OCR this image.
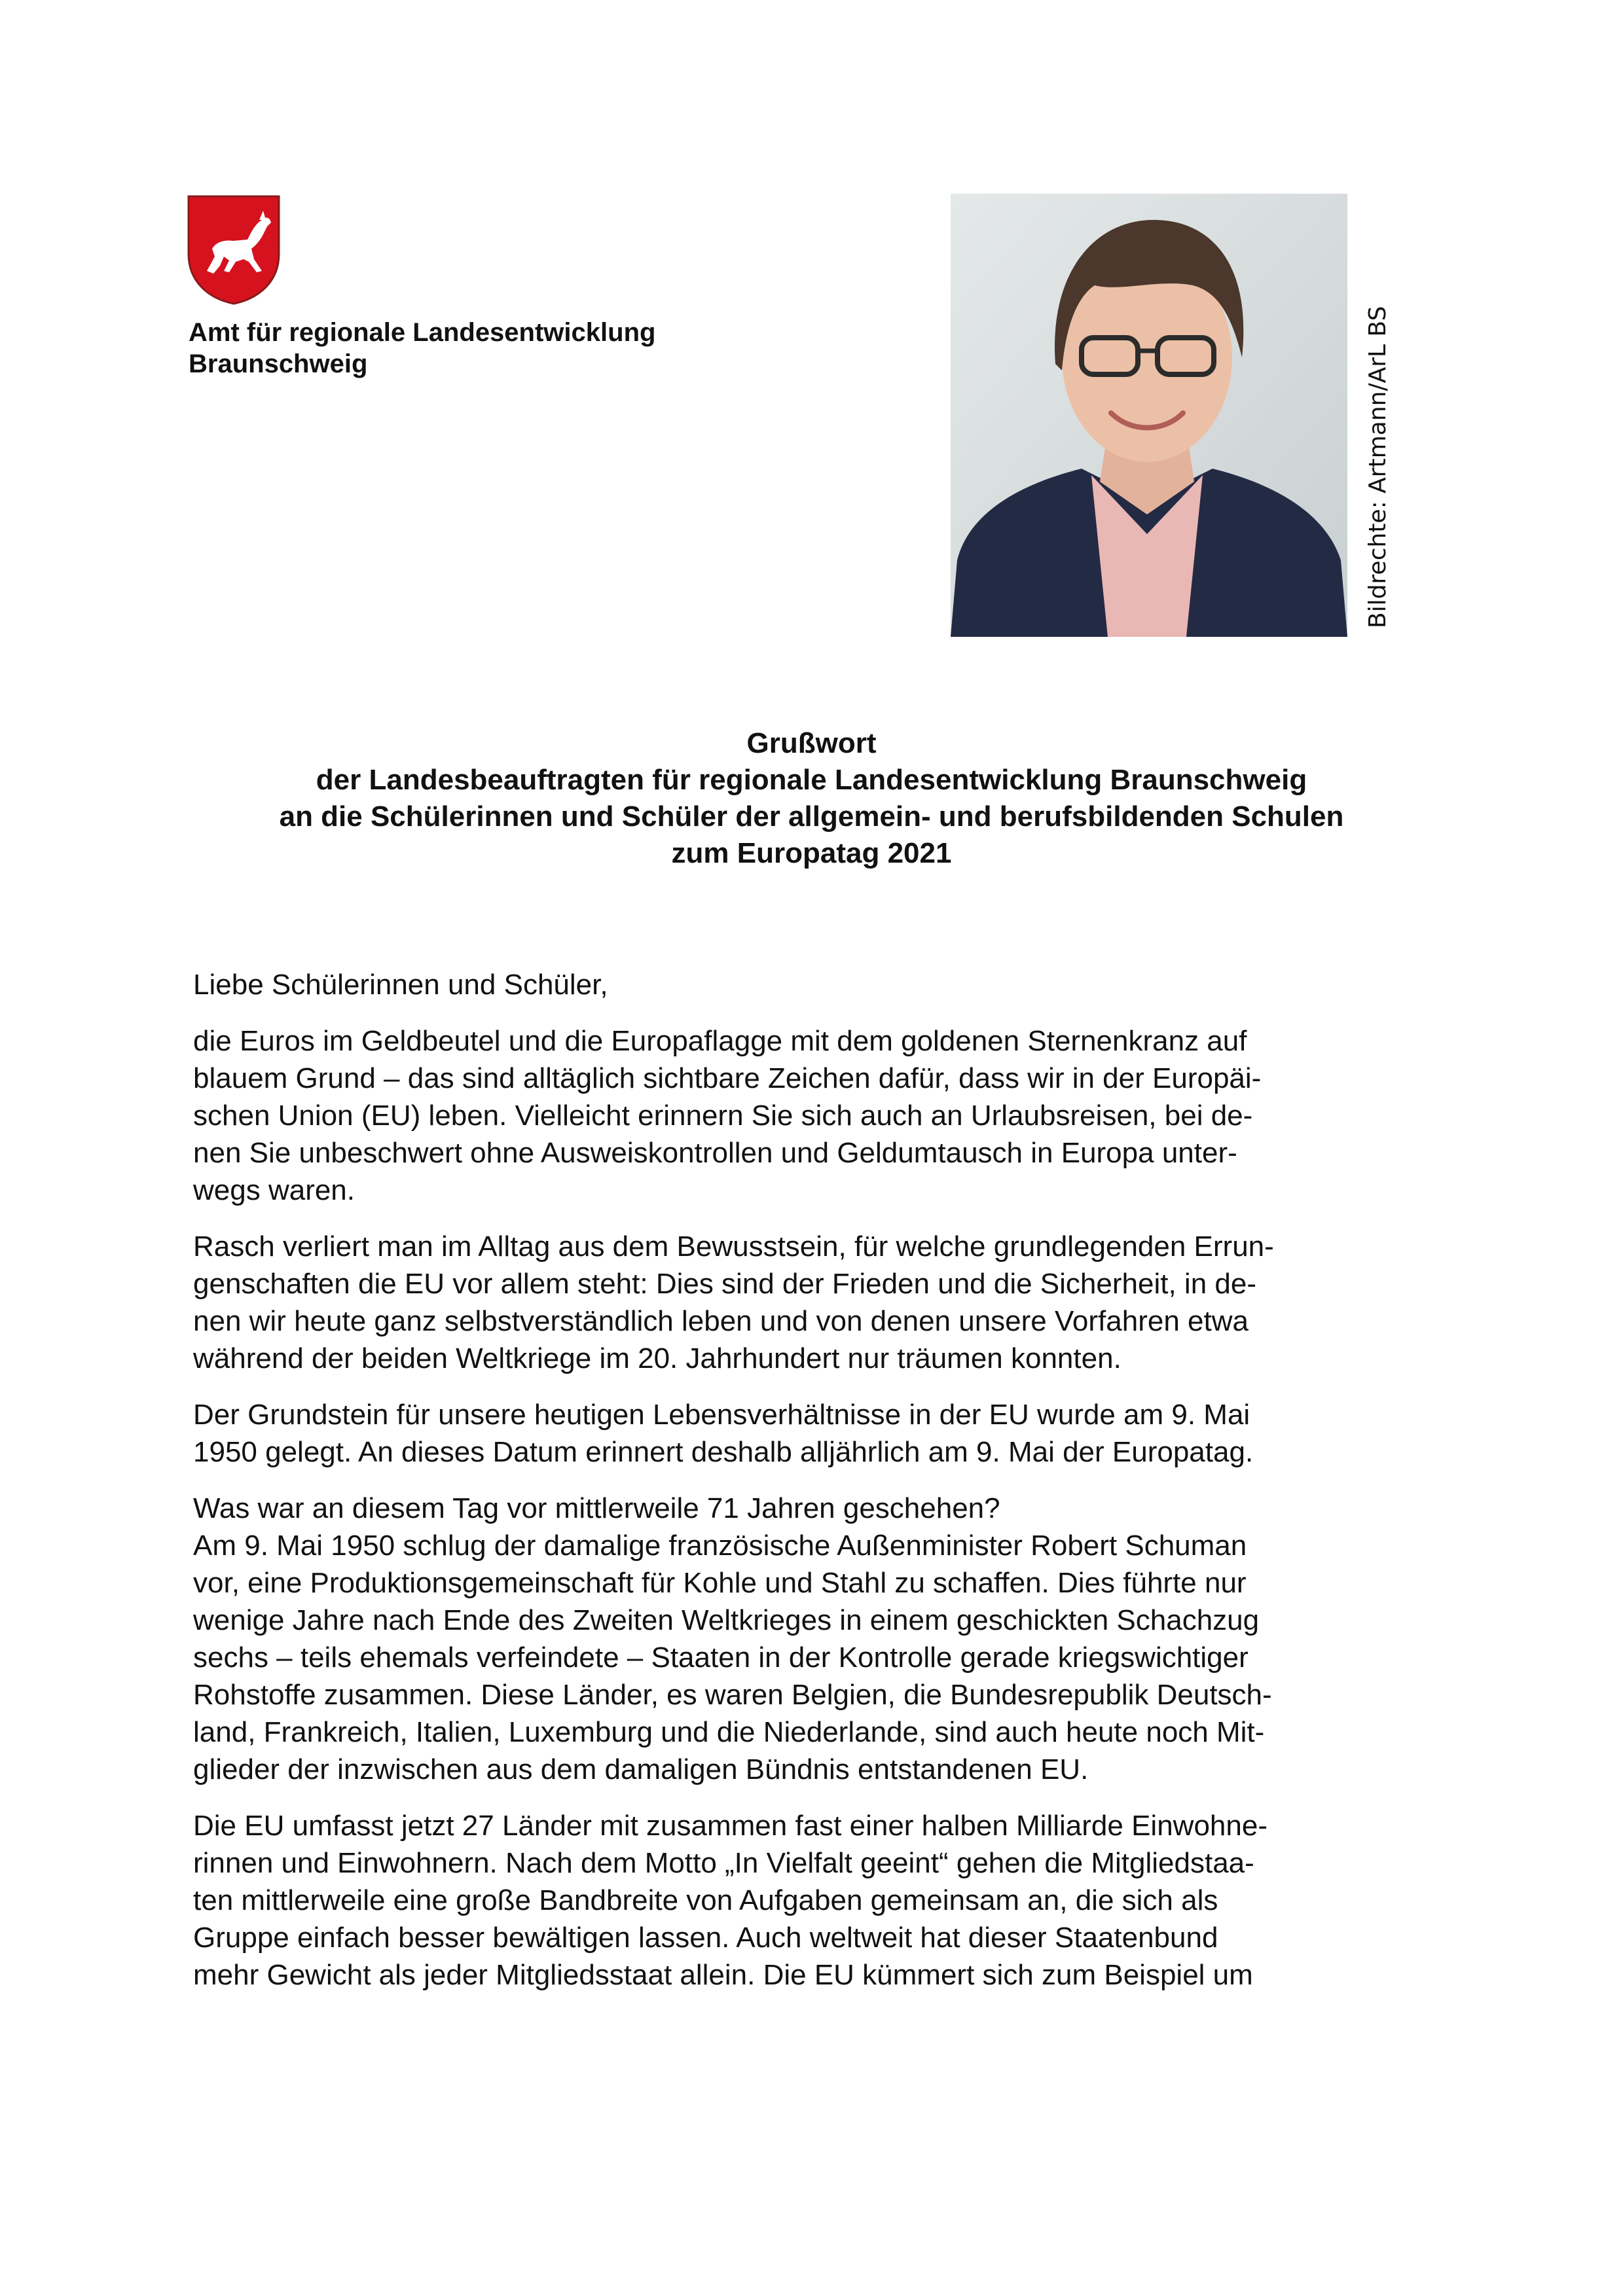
Amt für regionale Landesentwicklung
Braunschweig	Bildrechte: Artmann/ArL BS
Grußwort
der Landesbeauftragten für regionale Landesentwicklung Braunschweig
an die Schülerinnen und Schüler der allgemein- und berufsbildenden Schulen
zum Europatag 2021
Liebe Schülerinnen und Schüler,
die Euros im Geldbeutel und die Europaflagge mit dem goldenen Sternenkranz auf
blauem Grund – das sind alltäglich sichtbare Zeichen dafür, dass wir in der Europäi-
schen Union (EU) leben. Vielleicht erinnern Sie sich auch an Urlaubsreisen, bei de-
nen Sie unbeschwert ohne Ausweiskontrollen und Geldumtausch in Europa unter-
wegs waren.
Rasch verliert man im Alltag aus dem Bewusstsein, für welche grundlegenden Errun-
genschaften die EU vor allem steht: Dies sind der Frieden und die Sicherheit, in de-
nen wir heute ganz selbstverständlich leben und von denen unsere Vorfahren etwa
während der beiden Weltkriege im 20. Jahrhundert nur träumen konnten.
Der Grundstein für unsere heutigen Lebensverhältnisse in der EU wurde am 9. Mai
1950 gelegt. An dieses Datum erinnert deshalb alljährlich am 9. Mai der Europatag.
Was war an diesem Tag vor mittlerweile 71 Jahren geschehen?
Am 9. Mai 1950 schlug der damalige französische Außenminister Robert Schuman
vor, eine Produktionsgemeinschaft für Kohle und Stahl zu schaffen. Dies führte nur
wenige Jahre nach Ende des Zweiten Weltkrieges in einem geschickten Schachzug
sechs – teils ehemals verfeindete – Staaten in der Kontrolle gerade kriegswichtiger
Rohstoffe zusammen. Diese Länder, es waren Belgien, die Bundesrepublik Deutsch-
land, Frankreich, Italien, Luxemburg und die Niederlande, sind auch heute noch Mit-
glieder der inzwischen aus dem damaligen Bündnis entstandenen EU.
Die EU umfasst jetzt 27 Länder mit zusammen fast einer halben Milliarde Einwohne-
rinnen und Einwohnern. Nach dem Motto „In Vielfalt geeint“ gehen die Mitgliedstaa-
ten mittlerweile eine große Bandbreite von Aufgaben gemeinsam an, die sich als
Gruppe einfach besser bewältigen lassen. Auch weltweit hat dieser Staatenbund
mehr Gewicht als jeder Mitgliedsstaat allein. Die EU kümmert sich zum Beispiel um
